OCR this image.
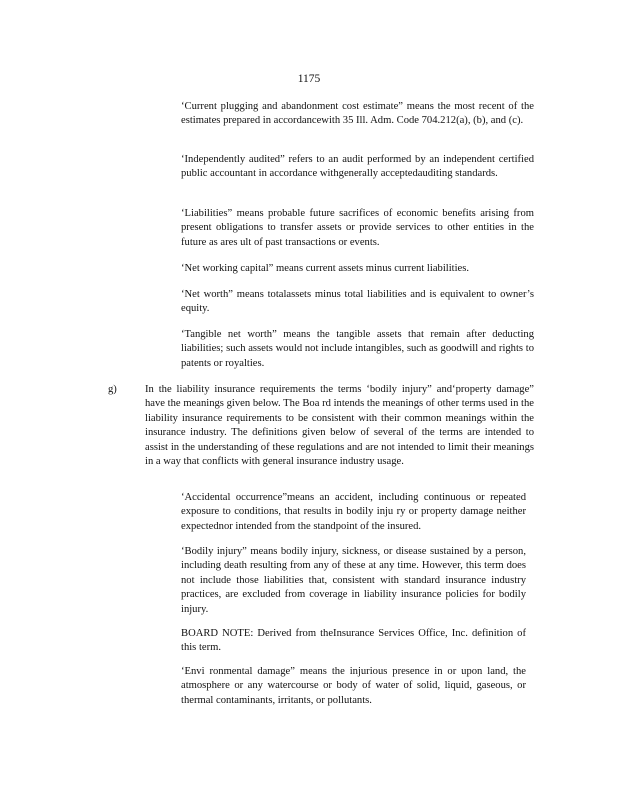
1175

‘Current plugging and abandonment cost estimate” means the most recent of the estimates prepared in accordancewith 35 Ill. Adm. Code 704.212(a), (b), and (c).

‘Independently audited” refers to an audit performed by an independent certified public accountant in accordance withgenerally acceptedauditing standards.

‘Liabilities” means probable future sacrifices of economic benefits arising from present obligations to transfer assets or provide services to other entities in the future as ares ult of past transactions or events.

‘Net working capital” means current assets minus current liabilities.

‘Net worth” means totalassets minus total liabilities and is equivalent to owner’s equity.

‘Tangible net worth” means the tangible assets that remain after deducting liabilities; such assets would not include intangibles, such as goodwill and rights to patents or royalties.

g)	In the liability insurance requirements the terms ‘bodily injury” and‘property damage” have the meanings given below. The Boa rd intends the meanings of other terms used in the liability insurance requirements to be consistent with their common meanings within the insurance industry. The definitions given below of several of the terms are intended to assist in the understanding of these regulations and are not intended to limit their meanings in a way that conflicts with general insurance industry usage.

‘Accidental occurrence”means an accident, including continuous or repeated exposure to conditions, that results in bodily inju ry or property damage neither expectednor intended from the standpoint of the insured.

‘Bodily injury” means bodily injury, sickness, or disease sustained by a person, including death resulting from any of these at any time. However, this term does not include those liabilities that, consistent with standard insurance industry practices, are excluded from coverage in liability insurance policies for bodily injury.

BOARD NOTE: Derived from theInsurance Services Office, Inc. definition of this term.

‘Envi ronmental damage” means the injurious presence in or upon land, the atmosphere or any watercourse or body of water of solid, liquid, gaseous, or thermal contaminants, irritants, or pollutants.
